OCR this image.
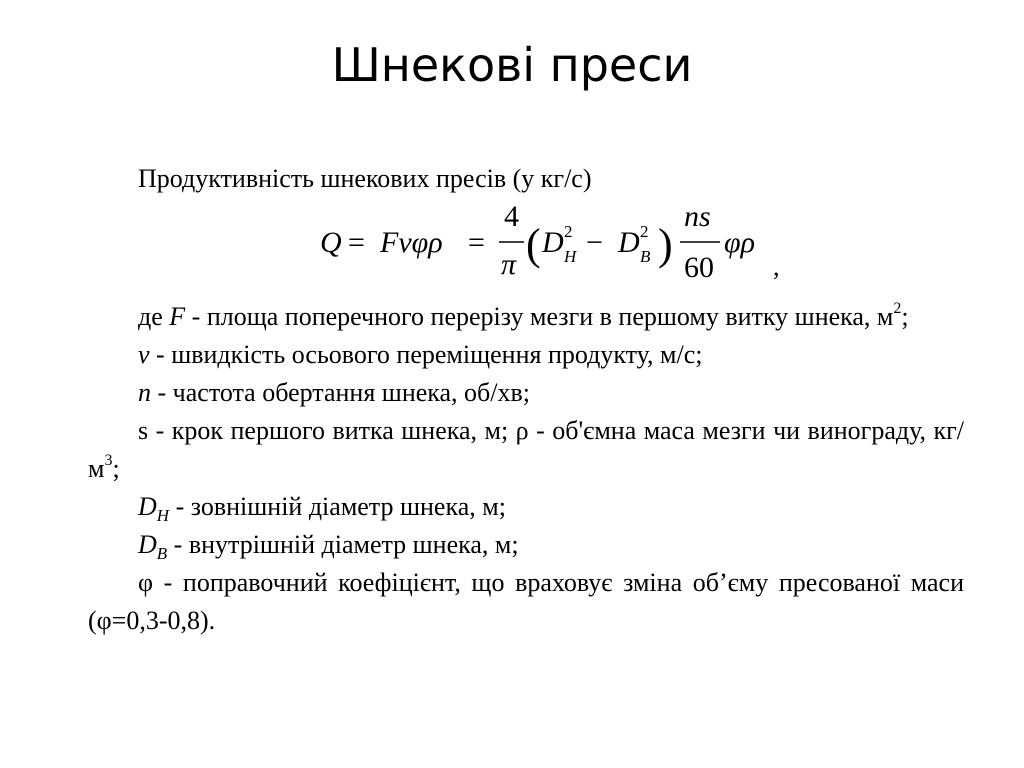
Шнекові преси

Продуктивність шнекових пресів (у кг/с)

де F - площа поперечного перерізу мезги в першому витку шнека, $м^2$;

v - швидкість осьового переміщення продукту, м/с;

n - частота обертання шнека, об/хв;

s - крок першого витка шнека, м; ρ - об'ємна маса мезги чи винограду, $кг/м^3$;

$D_H$ - зовнішній діаметр шнека, м;

$D_B$ - внутрішній діаметр шнека, м;

φ - поправочний коефіцієнт, що враховує зміна об’єму пресованої маси (φ=0,3-0,8).

Q = Fvφρ =
4
π ( D 2
H − D 2
B )
ns
60
φρ
,
